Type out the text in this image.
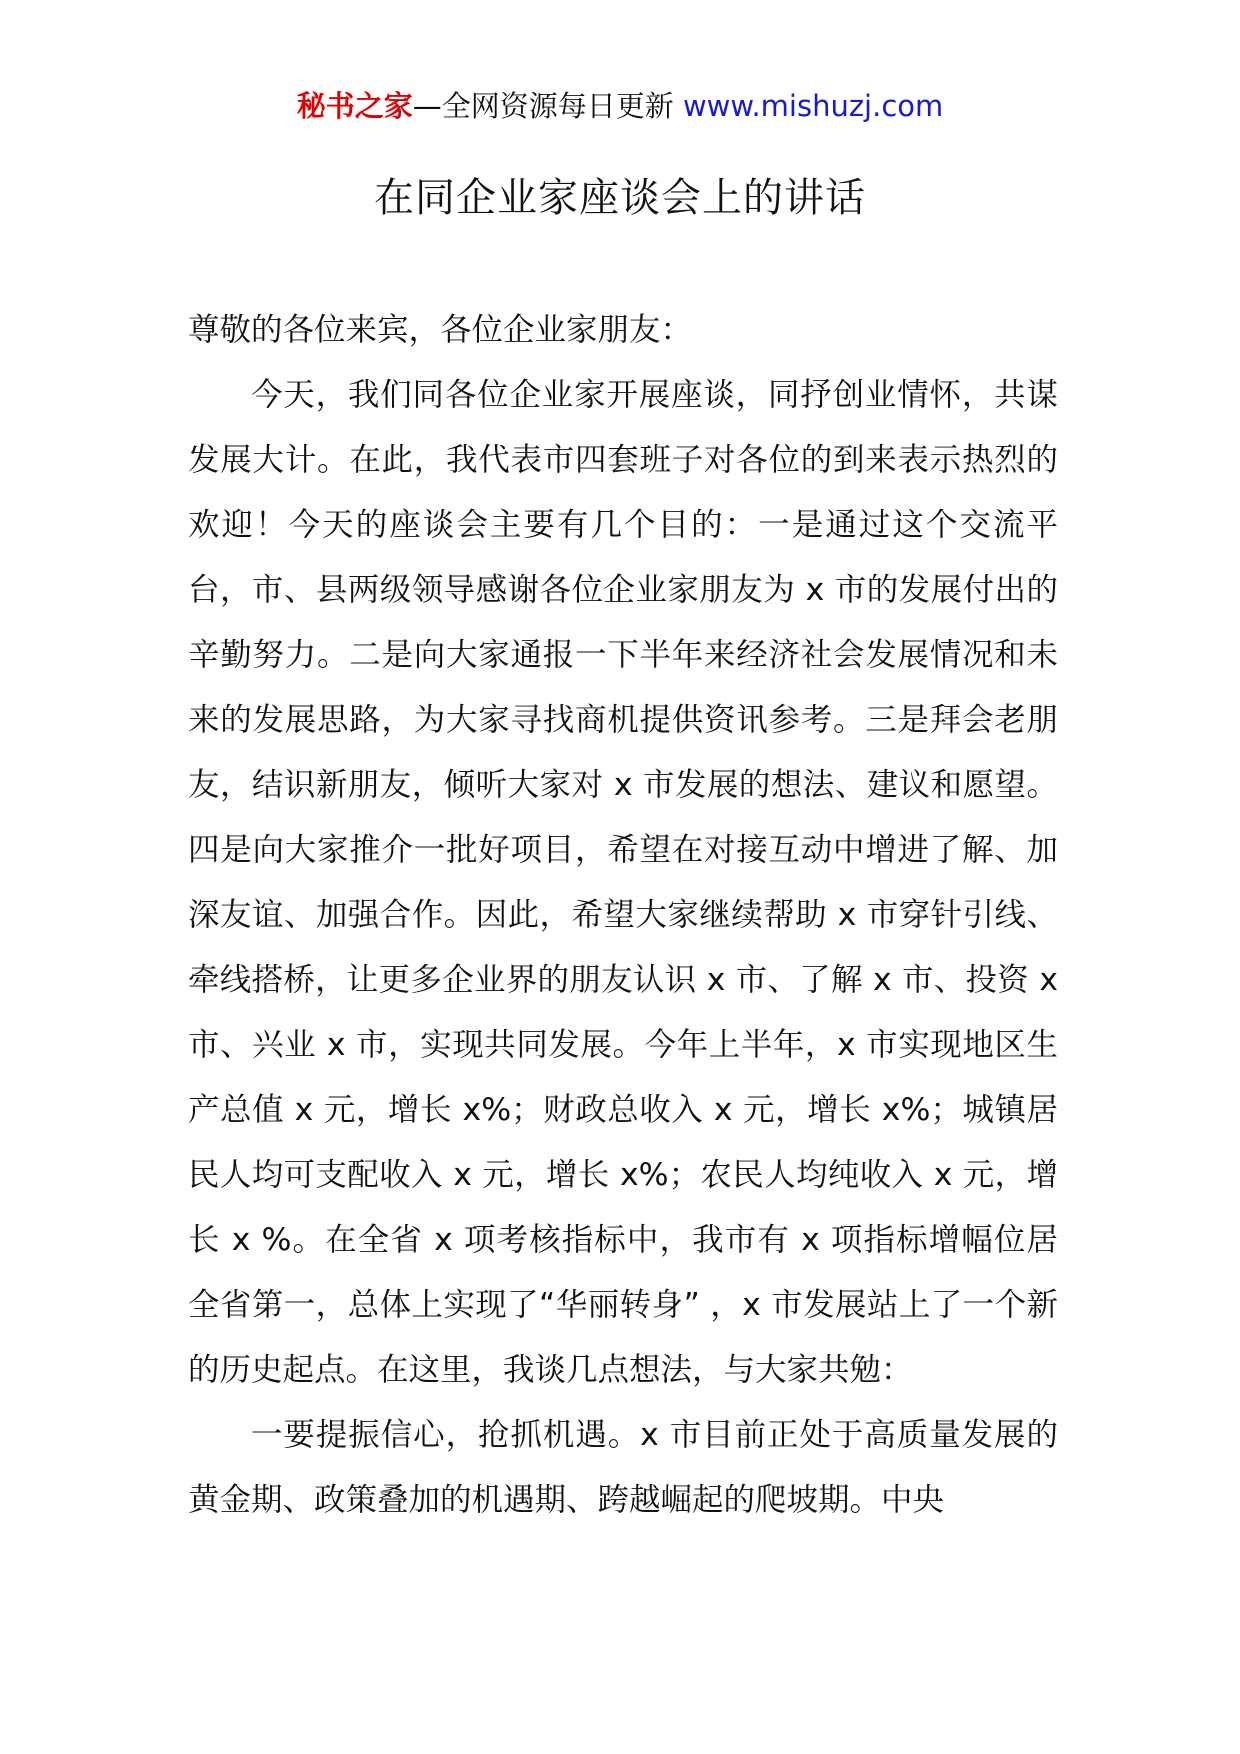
秘书之家—全网资源每日更新 www.mishuzj.com
在同企业家座谈会上的讲话

尊敬的各位来宾，各位企业家朋友：

今天，我们同各位企业家开展座谈，同抒创业情怀，共谋发展大计。在此，我代表市四套班子对各位的到来表示热烈的欢迎！今天的座谈会主要有几个目的：一是通过这个交流平台，市、县两级领导感谢各位企业家朋友为 x 市的发展付出的辛勤努力。二是向大家通报一下半年来经济社会发展情况和未来的发展思路，为大家寻找商机提供资讯参考。三是拜会老朋友，结识新朋友，倾听大家对 x 市发展的想法、建议和愿望。四是向大家推介一批好项目，希望在对接互动中增进了解、加深友谊、加强合作。因此，希望大家继续帮助 x 市穿针引线、牵线搭桥，让更多企业界的朋友认识 x 市、了解 x 市、投资 x 市、兴业 x 市，实现共同发展。今年上半年，x 市实现地区生产总值 x 元，增长 x%；财政总收入 x 元，增长 x%；城镇居民人均可支配收入 x 元，增长 x%；农民人均纯收入 x 元，增长 x %。在全省 x 项考核指标中，我市有 x 项指标增幅位居全省第一，总体上实现了“华丽转身” ，x 市发展站上了一个新的历史起点。在这里，我谈几点想法，与大家共勉：

一要提振信心，抢抓机遇。x 市目前正处于高质量发展的黄金期、政策叠加的机遇期、跨越崛起的爬坡期。中央
